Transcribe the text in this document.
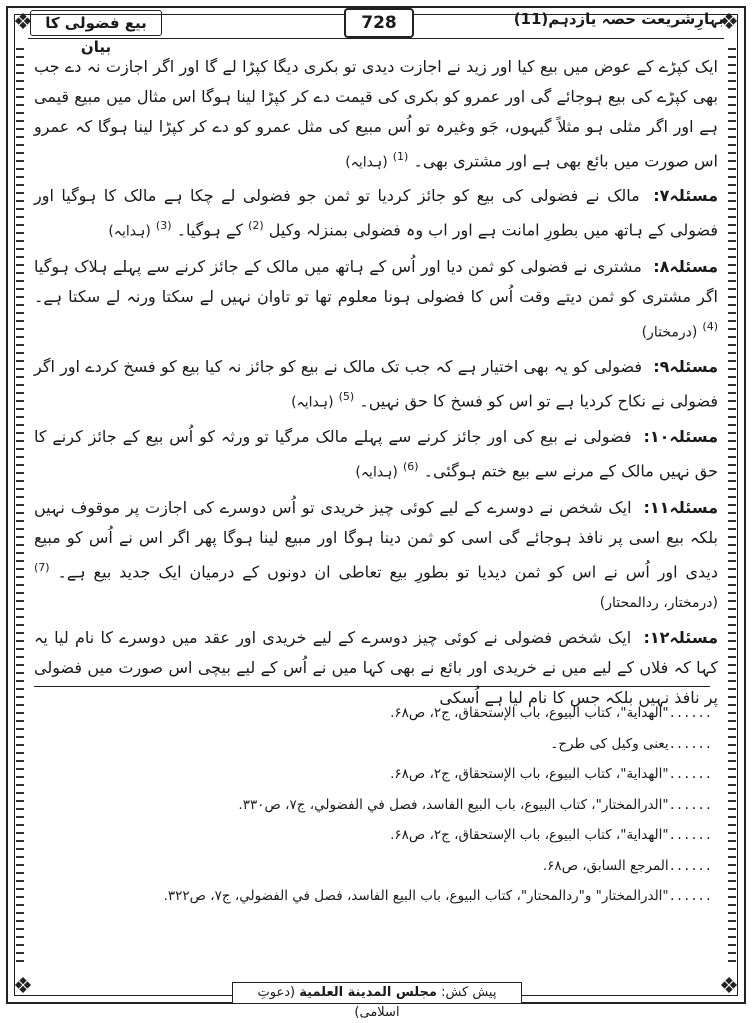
❖	❖
❖	❖
بہارِشریعت حصہ یازدہم(11)
728
بیع فضولی کا بیان

ایک کپڑے کے عوض میں بیع کیا اور زید نے اجازت دیدی تو بکری دیگا کپڑا لے گا اور اگر اجازت نہ دے جب بھی کپڑے کی بیع ہوجائے گی اور عمرو کو بکری کی قیمت دے کر کپڑا لینا ہوگا اس مثال میں مبیع قیمی ہے اور اگر مثلی ہو مثلاً گیہوں، جَو وغیرہ تو اُس مبیع کی مثل عمرو کو دے کر کپڑا لینا ہوگا کہ عمرو اس صورت میں بائع بھی ہے اور مشتری بھی۔ $^{(1)}$ (ہدایہ)

مسئلہ۷: مالک نے فضولی کی بیع کو جائز کردیا تو ثمن جو فضولی لے چکا ہے مالک کا ہوگیا اور فضولی کے ہاتھ میں بطورِ امانت ہے اور اب وہ فضولی بمنزلہ وکیل $^{(2)}$ کے ہوگیا۔ $^{(3)}$ (ہدایہ)

مسئلہ۸: مشتری نے فضولی کو ثمن دیا اور اُس کے ہاتھ میں مالک کے جائز کرنے سے پہلے ہلاک ہوگیا اگر مشتری کو ثمن دیتے وقت اُس کا فضولی ہونا معلوم تھا تو تاوان نہیں لے سکتا ورنہ لے سکتا ہے۔ $^{(4)}$ (درمختار)

مسئلہ۹: فضولی کو یہ بھی اختیار ہے کہ جب تک مالک نے بیع کو جائز نہ کیا بیع کو فسخ کردے اور اگر فضولی نے نکاح کردیا ہے تو اس کو فسخ کا حق نہیں۔ $^{(5)}$ (ہدایہ)

مسئلہ۱۰: فضولی نے بیع کی اور جائز کرنے سے پہلے مالک مرگیا تو ورثہ کو اُس بیع کے جائز کرنے کا حق نہیں مالک کے مرنے سے بیع ختم ہوگئی۔ $^{(6)}$ (ہدایہ)

مسئلہ۱۱: ایک شخص نے دوسرے کے لیے کوئی چیز خریدی تو اُس دوسرے کی اجازت پر موقوف نہیں بلکہ بیع اسی پر نافذ ہوجائے گی اسی کو ثمن دینا ہوگا اور مبیع لینا ہوگا پھر اگر اس نے اُس کو مبیع دیدی اور اُس نے اس کو ثمن دیدیا تو بطورِ بیع تعاطی ان دونوں کے درمیان ایک جدید بیع ہے۔ $^{(7)}$ (درمختار، ردالمحتار)

مسئلہ۱۲: ایک شخص فضولی نے کوئی چیز دوسرے کے لیے خریدی اور عقد میں دوسرے کا نام لیا یہ کہا کہ فلاں کے لیے میں نے خریدی اور بائع نے بھی کہا میں نے اُس کے لیے بیچی اس صورت میں فضولی پر نافذ نہیں بلکہ جس کا نام لیا ہے اُسکی

......"الهداية"، كتاب البيوع، باب الإستحقاق، ج۲، ص۶۸.

......یعنی وکیل کی طرح۔

......"الهداية"، كتاب البيوع، باب الإستحقاق، ج۲، ص۶۸.

......"الدرالمختار"، كتاب البيوع، باب البيع الفاسد، فصل في الفضولي، ج۷، ص۳۳۰.

......"الهداية"، كتاب البيوع، باب الإستحقاق، ج۲، ص۶۸.

......المرجع السابق، ص۶۸.

......"الدرالمختار" و"ردالمحتار"، كتاب البيوع، باب البيع الفاسد، فصل في الفضولي، ج۷، ص۳۲۲.

پیش کش: مجلس المدينة العلمية (دعوتِ اسلامی)
